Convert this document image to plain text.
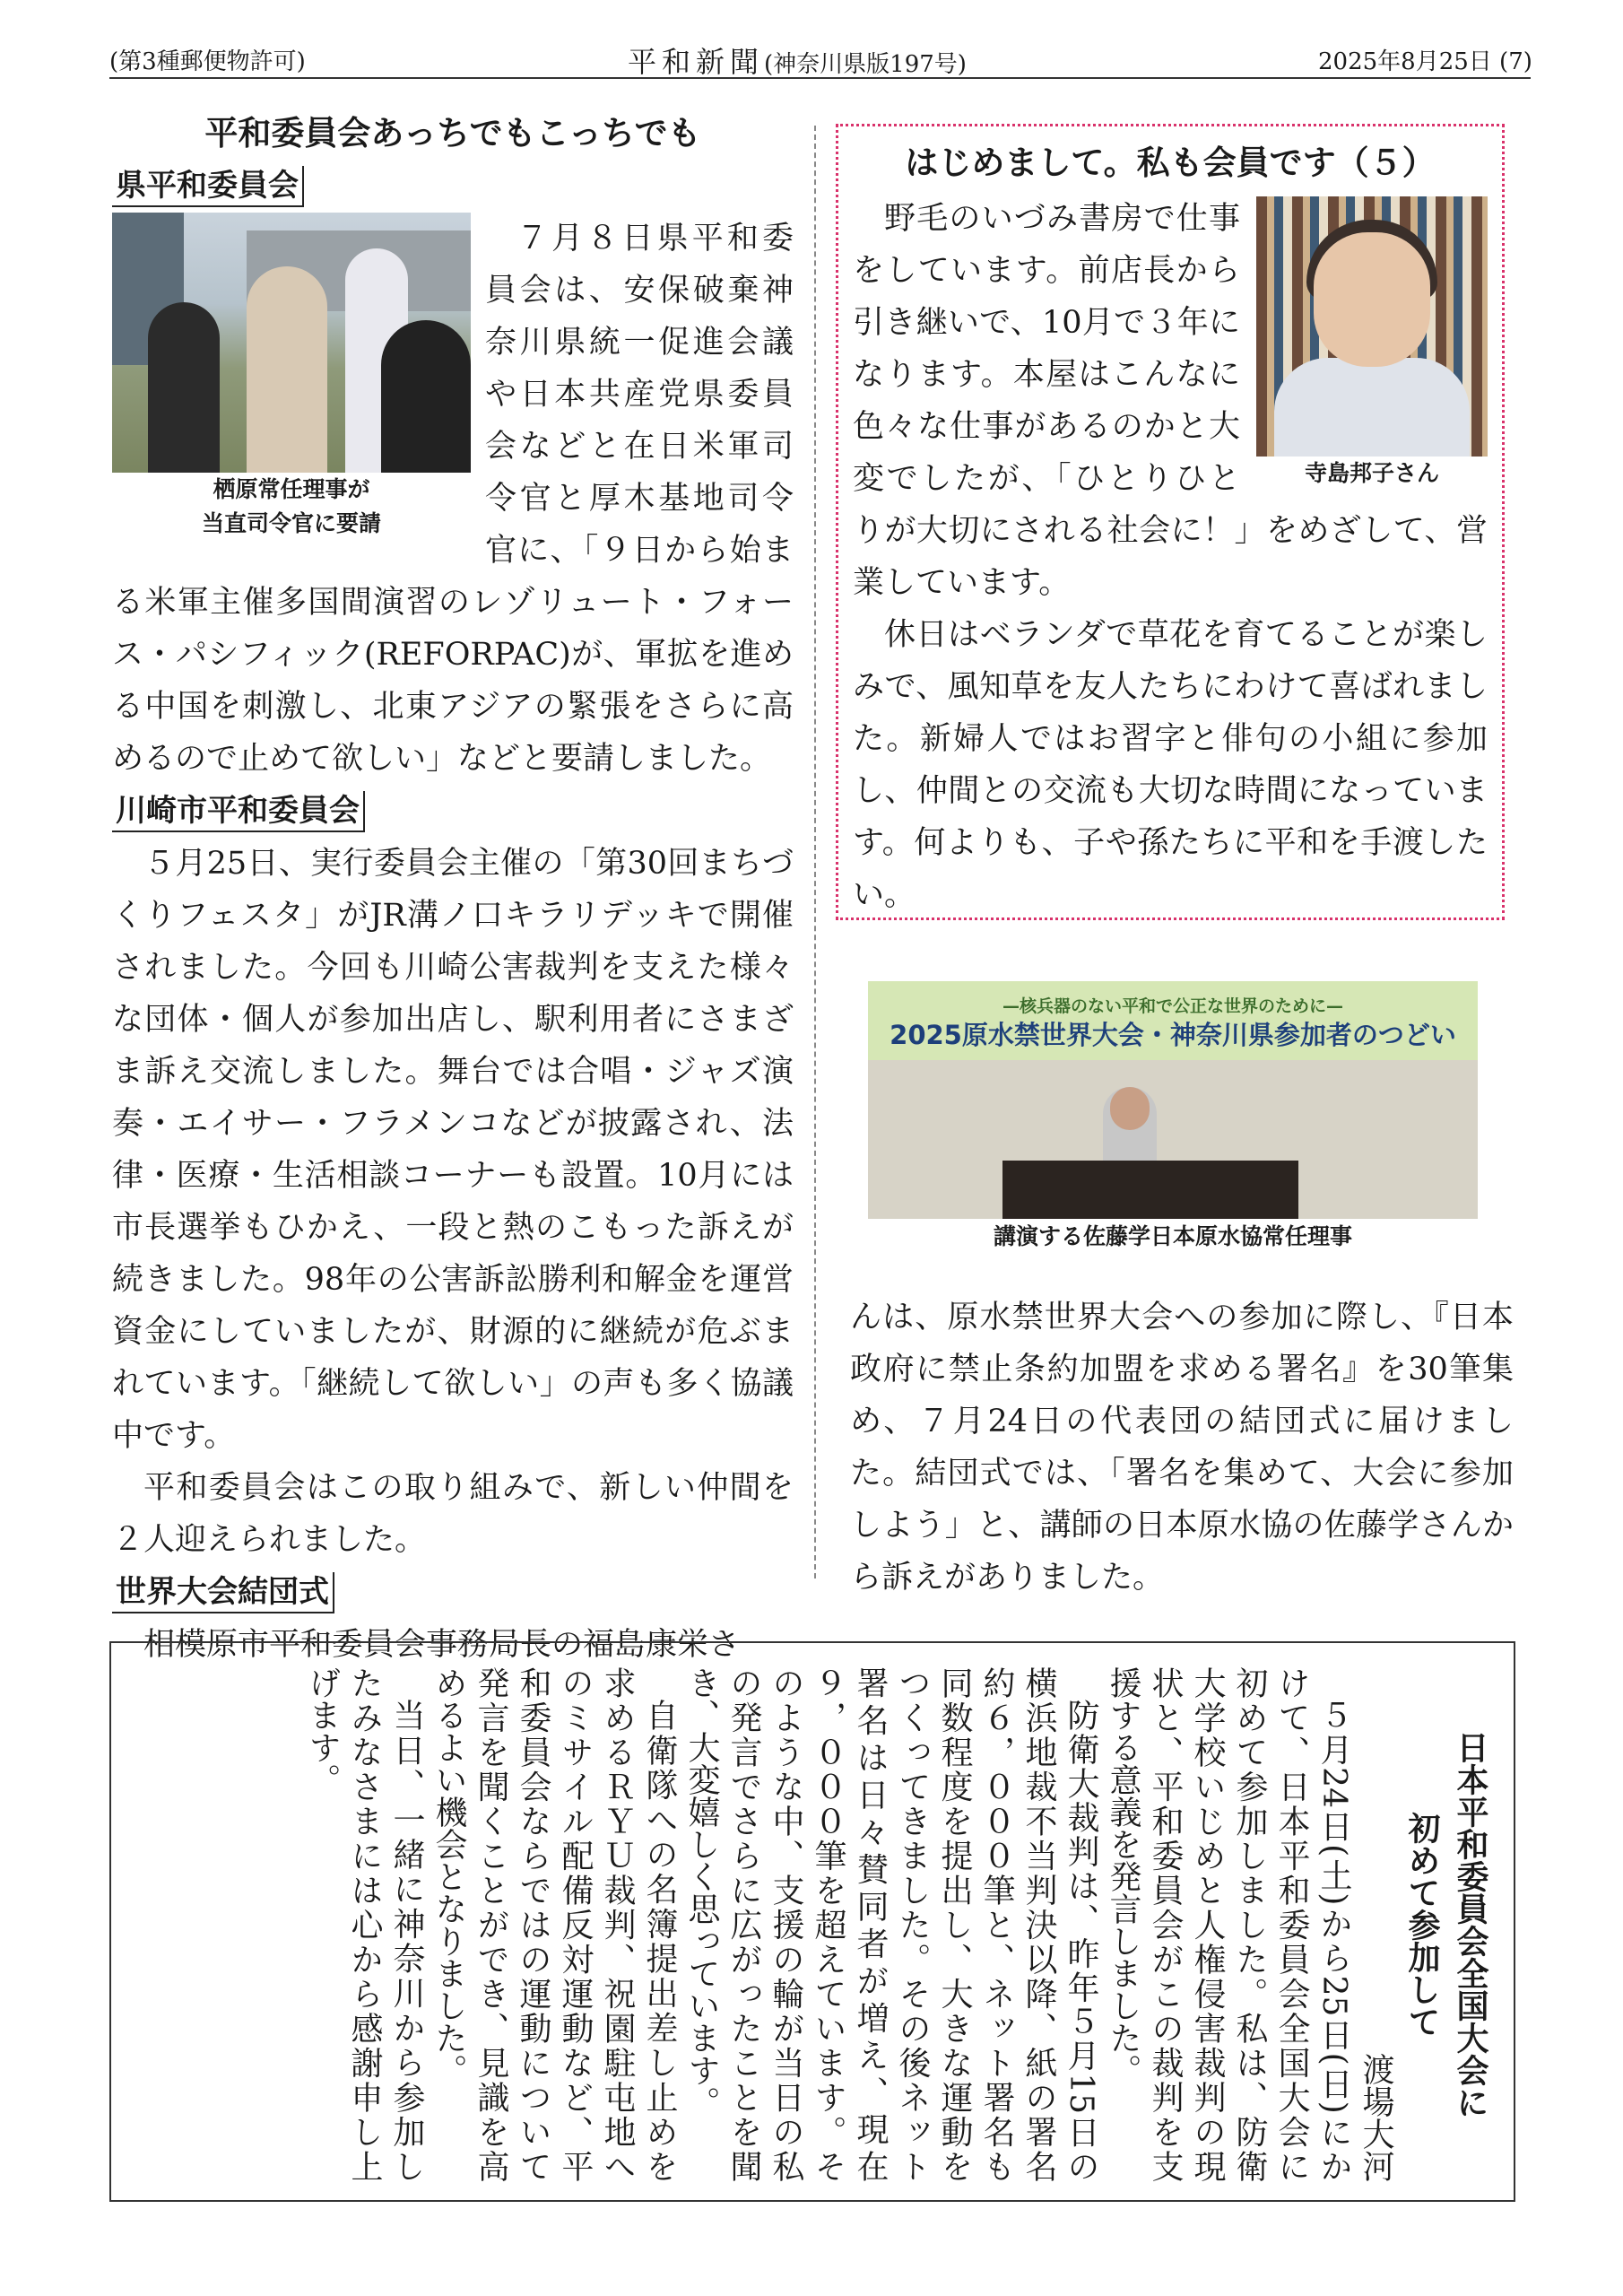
(第3種郵便物許可)	平和新聞(神奈川県版197号)	2025年8月25日 (7)
平和委員会あっちでもこっちでも
県平和委員会
栖原常任理事が
当直司令官に要請

７月８日県平和委員会は、安保破棄神奈川県統一促進会議や日本共産党県委員会などと在日米軍司令官と厚木基地司令官に、「９日から始まる米軍主催多国間演習のレゾリュート・フォース・パシフィック(REFORPAC)が、軍拡を進める中国を刺激し、北東アジアの緊張をさらに高めるので止めて欲しい」などと要請しました。

川崎市平和委員会

５月25日、実行委員会主催の「第30回まちづくりフェスタ」がJR溝ノ口キラリデッキで開催されました。今回も川崎公害裁判を支えた様々な団体・個人が参加出店し、駅利用者にさまざま訴え交流しました。舞台では合唱・ジャズ演奏・エイサー・フラメンコなどが披露され、法律・医療・生活相談コーナーも設置。10月には市長選挙もひかえ、一段と熱のこもった訴えが続きました。98年の公害訴訟勝利和解金を運営資金にしていましたが、財源的に継続が危ぶまれています。「継続して欲しい」の声も多く協議中です。

平和委員会はこの取り組みで、新しい仲間を２人迎えられました。

世界大会結団式

相模原市平和委員会事務局長の福島康栄さ

はじめまして。私も会員です（５）
寺島邦子さん

野毛のいづみ書房で仕事をしています。前店長から引き継いで、10月で３年になります。本屋はこんなに色々な仕事があるのかと大変でしたが、「ひとりひとりが大切にされる社会に！」をめざして、営業しています。

休日はベランダで草花を育てることが楽しみで、風知草を友人たちにわけて喜ばれました。新婦人ではお習字と俳句の小組に参加し、仲間との交流も大切な時間になっています。何よりも、子や孫たちに平和を手渡したい。

—核兵器のない平和で公正な世界のために—
2025原水禁世界大会・神奈川県参加者のつどい
講演する佐藤学日本原水協常任理事
んは、原水禁世界大会への参加に際し、『日本政府に禁止条約加盟を求める署名』を30筆集め、７月24日の代表団の結団式に届けました。結団式では、「署名を集めて、大会に参加しよう」と、講師の日本原水協の佐藤学さんから訴えがありました。

日本平和委員会全国大会に

初めて参加して

渡場大河

５月24日(土)から25日(日)にかけて、日本平和委員会全国大会に初めて参加しました。私は、防衛大学校いじめと人権侵害裁判の現状と、平和委員会がこの裁判を支援する意義を発言しました。

防衛大裁判は、昨年５月15日の横浜地裁不当判決以降、紙の署名約６，０００筆と、ネット署名も同数程度を提出し、大きな運動をつくってきました。その後ネット署名は日々賛同者が増え、現在９，０００筆を超えています。そのような中、支援の輪が当日の私の発言でさらに広がったことを聞き、大変嬉しく思っています。

自衛隊への名簿提出差し止めを求めるＲＹＵ裁判、祝園駐屯地へのミサイル配備反対運動など、平和委員会ならではの運動について発言を聞くことができ、見識を高めるよい機会となりました。

当日、一緒に神奈川から参加したみなさまには心から感謝申し上げます。
